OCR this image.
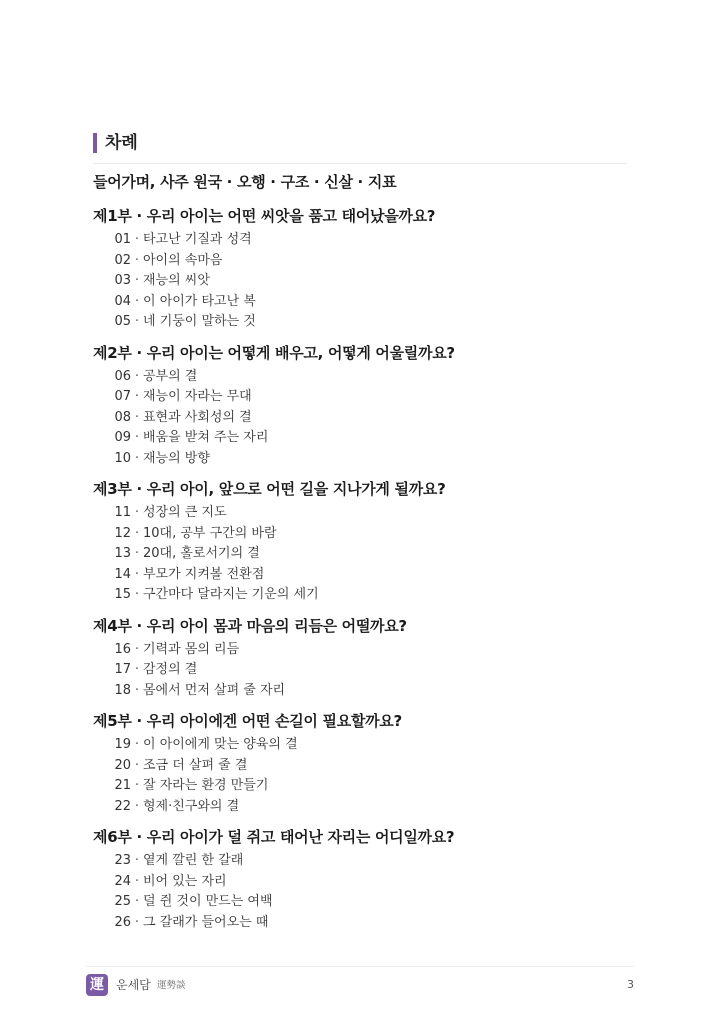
차례
들어가며, 사주 원국 · 오행 · 구조 · 신살 · 지표
제1부 · 우리 아이는 어떤 씨앗을 품고 태어났을까요?
01 · 타고난 기질과 성격
02 · 아이의 속마음
03 · 재능의 씨앗
04 · 이 아이가 타고난 복
05 · 네 기둥이 말하는 것
제2부 · 우리 아이는 어떻게 배우고, 어떻게 어울릴까요?
06 · 공부의 결
07 · 재능이 자라는 무대
08 · 표현과 사회성의 결
09 · 배움을 받쳐 주는 자리
10 · 재능의 방향
제3부 · 우리 아이, 앞으로 어떤 길을 지나가게 될까요?
11 · 성장의 큰 지도
12 · 10대, 공부 구간의 바람
13 · 20대, 홀로서기의 결
14 · 부모가 지켜볼 전환점
15 · 구간마다 달라지는 기운의 세기
제4부 · 우리 아이 몸과 마음의 리듬은 어떨까요?
16 · 기력과 몸의 리듬
17 · 감정의 결
18 · 몸에서 먼저 살펴 줄 자리
제5부 · 우리 아이에겐 어떤 손길이 필요할까요?
19 · 이 아이에게 맞는 양육의 결
20 · 조금 더 살펴 줄 결
21 · 잘 자라는 환경 만들기
22 · 형제·친구와의 결
제6부 · 우리 아이가 덜 쥐고 태어난 자리는 어디일까요?
23 · 옅게 깔린 한 갈래
24 · 비어 있는 자리
25 · 덜 쥔 것이 만드는 여백
26 · 그 갈래가 들어오는 때
運	운세담 運勢談	3
